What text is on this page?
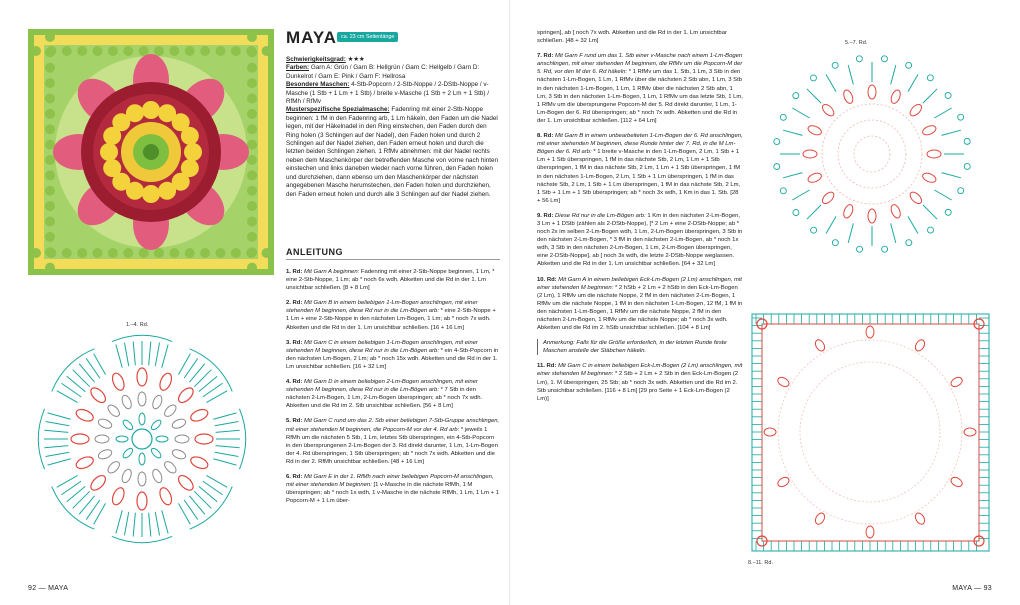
MAYA ca. 23 cm Seitenlänge

Schwierigkeitsgrad: ★★★

Farben: Garn A: Grün / Garn B: Hellgrün / Garn C: Hellgelb / Garn D: Dunkelrot / Garn E: Pink / Garn F: Hellrosa

Besondere Maschen: 4-Stb-Popcorn / 2-Stb-Noppe / 2-DStb-Noppe / v-Masche (1 Stb + 1 Lm + 1 Stb) / breite v-Masche (1 Stb + 2 Lm + 1 Stb) / RfMh / RfMv

Musterspezifische Spezialmasche: Fadenring mit einer 2-Stb-Noppe beginnen: 1 fM in den Fadenring arb, 1 Lm häkeln, den Faden um die Nadel legen, mit der Häkelnadel in den Ring einstechen, den Faden durch den Ring holen (3 Schlingen auf der Nadel), den Faden holen und durch 2 Schlingen auf der Nadel ziehen, den Faden erneut holen und durch die letzten beiden Schlingen ziehen. 1 RfMv abnehmen: mit der Nadel rechts neben dem Maschenkörper der betreffenden Masche von vorne nach hinten einstechen und links daneben wieder nach vorne führen, den Faden holen und durchziehen, dann ebenso um den Maschenkörper der nächsten angegebenen Masche herumstechen, den Faden holen und durchziehen, den Faden erneut holen und durch alle 3 Schlingen auf der Nadel ziehen.

ANLEITUNG

1. Rd: Mit Garn A beginnen: Fadenring mit einer 2-Stb-Noppe beginnen, 1 Lm, * eine 2-Stb-Noppe, 1 Lm; ab * noch 6x wdh. Abketten und die Rd in der 1. Lm unsichtbar schließen. [8 + 8 Lm]

2. Rd: Mit Garn B in einem beliebigen 1-Lm-Bogen anschlingen, mit einer stehenden M beginnen, diese Rd nur in die Lm-Bögen arb: * eine 2-Stb-Noppe + 1 Lm + eine 2-Stb-Noppe in den nächsten Lm-Bogen, 1 Lm; ab * noch 7x wdh. Abketten und die Rd in der 1. Lm unsichtbar schließen. [16 + 16 Lm]

3. Rd: Mit Garn C in einem beliebigen 1-Lm-Bogen anschlingen, mit einer stehenden M beginnen, diese Rd nur in die Lm-Bögen arb: * ein 4-Stb-Popcorn in den nächsten Lm-Bogen, 2 Lm; ab * noch 15x wdh. Abketten und die Rd in der 1. Lm unsichtbar schließen. [16 + 32 Lm]

4. Rd: Mit Garn D in einem beliebigen 2-Lm-Bogen anschlingen, mit einer stehenden M beginnen, diese Rd nur in die Lm-Bögen arb: * 7 Stb in den nächsten 2-Lm-Bogen, 1 Lm, 2-Lm-Bogen überspringen; ab * noch 7x wdh. Abketten und die Rd im 2. Stb unsichtbar schließen. [56 + 8 Lm]

5. Rd: Mit Garn C rund um das 2. Stb einer beliebigen 7-Stb-Gruppe anschlingen, mit einer stehenden M beginnen, die Popcorn-M vor der 4. Rd arb: * jeweils 1 RfMh um die nächsten 5 Stb, 1 Lm, letztes Stb überspringen, ein 4-Stb-Popcorn in den übersprungenen 2-Lm-Bogen der 3. Rd direkt darunter, 1 Lm, 1-Lm-Bogen der 4. Rd überspringen, 1 Stb überspringen; ab * noch 7x wdh. Abketten und die Rd in der 2. RfMh unsichtbar schließen. [48 + 16 Lm]

6. Rd: Mit Garn E in der 1. RfMh nach einer beliebigen Popcorn-M anschlingen, mit einer stehenden M beginnen: [1 v-Masche in die nächste RfMh, 1 M überspringen; ab * noch 1x wdh, 1 v-Masche in die nächste RfMh, 1 Lm, 1 Lm + 1 Popcorn-M + 1 Lm über-

springen], ab [ noch 7x wdh. Abketten und die Rd in der 1. Lm unsichtbar schließen. [48 + 32 Lm]

7. Rd: Mit Garn F rund um das 1. Stb einer v-Masche nach einem 1-Lm-Bogen anschlingen, mit einer stehenden M beginnen, die RfMv um die Popcorn-M der 5. Rd, vor den M der 6. Rd häkeln: * 1 RfMv um das 1. Stb, 1 Lm, 3 Stb in den nächsten 1-Lm-Bogen, 1 Lm, 1 RfMv über die nächsten 2 Stb abn, 1 Lm, 3 Stb in den nächsten 1-Lm-Bogen, 1 Lm, 1 RfMv über die nächsten 2 Stb abn, 1 Lm, 3 Stb in den nächsten 1-Lm-Bogen, 1 Lm, 1 RfMv um das letzte Stb, 1 Lm, 1 RfMv um die übersprungene Popcorn-M der 5. Rd direkt darunter, 1 Lm, 1-Lm-Bogen der 6. Rd überspringen; ab * noch 7x wdh. Abketten und die Rd in der 1. Lm unsichtbar schließen. [112 + 64 Lm]

8. Rd: Mit Garn B in einem unbearbeiteten 1-Lm-Bogen der 6. Rd anschlingen, mit einer stehenden M beginnen, diese Runde hinter der 7. Rd, in die M Lm-Bögen der 6. Rd arb: * 1 breite v-Masche in den 1-Lm-Bogen, 2 Lm, 1 Stb + 1 Lm + 1 Stb überspringen, 1 fM in das nächste Stb, 2 Lm, 1 Lm + 1 Stb überspringen, 1 fM in das nächste Stb, 2 Lm, 1 Lm + 1 Stb überspringen, 1 fM in den nächsten 1-Lm-Bogen, 2 Lm, 1 Stb + 1 Lm überspringen, 1 fM in das nächste Stb, 2 Lm, 1 Stb + 1 Lm überspringen, 1 fM in das nächste Stb, 2 Lm, 1 Stb + 1 Lm + 1 Stb überspringen; ab * noch 3x wdh, 1 Km in das 1. Stb. [28 + 56 Lm]

9. Rd: Diese Rd nur in die Lm-Bögen arb: 1 Km in den nächsten 2-Lm-Bogen, 3 Lm + 1 DStb (zählen als 2-DStb-Noppe), [* 2 Lm + eine 2-DStb-Noppe; ab * noch 2x im selben 2-Lm-Bogen wdh, 1 Lm, 2-Lm-Bogen überspringen, 3 Stb in den nächsten 2-Lm-Bogen, * 3 fM in den nächsten 2-Lm-Bogen, ab * noch 1x wdh, 3 Stb in den nächsten 2-Lm-Bogen, 1 Lm, 2-Lm-Bogen überspringen, eine 2-DStb-Noppe], ab [ noch 3x wdh, die letzte 2-DStb-Noppe weglassen. Abketten und die Rd in der 1. Lm unsichtbar schließen. [64 + 32 Lm]

10. Rd: Mit Garn A in einem beliebigen Eck-Lm-Bogen (2 Lm) anschlingen, mit einer stehenden M beginnen: * 2 hStb + 2 Lm + 2 hStb in den Eck-Lm-Bogen (2 Lm), 1 RfMv um die nächste Noppe, 2 fM in den nächsten 2-Lm-Bogen, 1 RfMv um die nächste Noppe, 1 fM in den nächsten 1-Lm-Bogen, 12 fM, 1 fM in den nächsten 1-Lm-Bogen, 1 RfMv um die nächste Noppe, 2 fM in den nächsten 2-Lm-Bogen, 1 RfMv um die nächste Noppe; ab * noch 3x wdh. Abketten und die Rd im 2. hStb unsichtbar schließen. [104 + 8 Lm]

Anmerkung: Falls für die Größe erforderlich, in der letzten Runde feste Maschen anstelle der Stäbchen häkeln.

11. Rd: Mit Garn C in einem beliebigen Eck-Lm-Bogen (2 Lm) anschlingen, mit einer stehenden M beginnen: * 2 Stb + 2 Lm + 2 Stb in den Eck-Lm-Bogen (2 Lm), 1. M überspringen, 25 Stb; ab * noch 3x wdh. Abketten und die Rd im 2. Stb unsichtbar schließen. [116 + 8 Lm] [29 pro Seite + 1 Eck-Lm-Bogen (2 Lm)]

1.–4. Rd.
5.–7. Rd.
8.–11. Rd.
92 — MAYA	MAYA — 93
